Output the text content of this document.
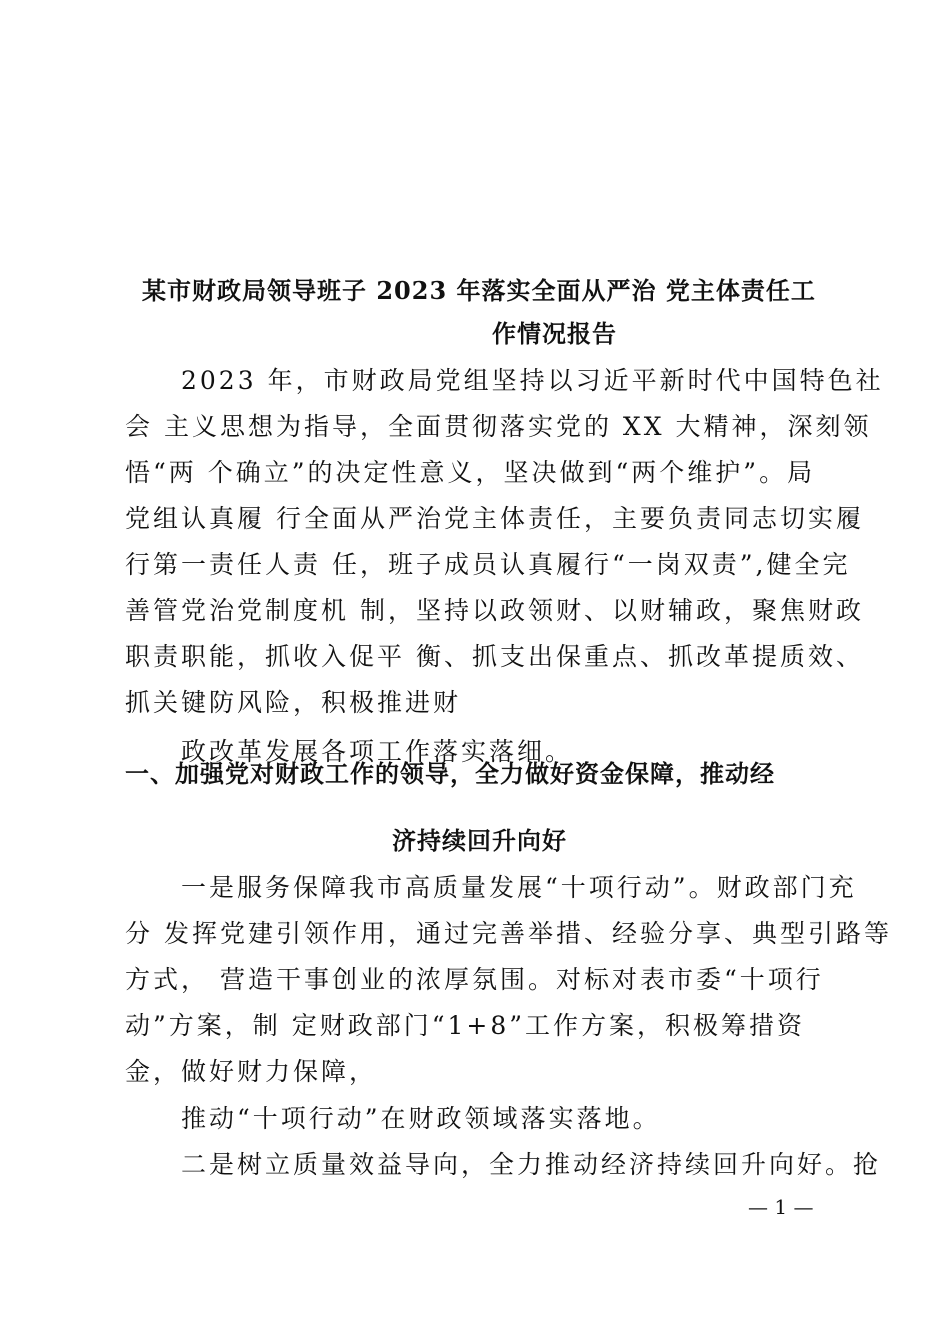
某市财政局领导班子 2023 年落实全面从严治 党主体责任工
作情况报告
2023 年，市财政局党组坚持以习近平新时代中国特色社
会 主义思想为指导，全面贯彻落实党的 XX 大精神，深刻领
悟“两 个确立”的决定性意义，坚决做到“两个维护”。局
党组认真履 行全面从严治党主体责任，主要负责同志切实履
行第一责任人责 任，班子成员认真履行“一岗双责”,健全完
善管党治党制度机 制，坚持以政领财、以财辅政，聚焦财政
职责职能，抓收入促平 衡、抓支出保重点、抓改革提质效、
抓关键防风险，积极推进财
政改革发展各项工作落实落细。
一、加强党对财政工作的领导，全力做好资金保障，推动经
济持续回升向好
一是服务保障我市高质量发展“十项行动”。财政部门充
分 发挥党建引领作用，通过完善举措、经验分享、典型引路等
方式， 营造干事创业的浓厚氛围。对标对表市委“十项行
动”方案，制 定财政部门“1+8”工作方案，积极筹措资
金，做好财力保障，
推动“十项行动”在财政领域落实落地。
二是树立质量效益导向，全力推动经济持续回升向好。抢
— 1 —
